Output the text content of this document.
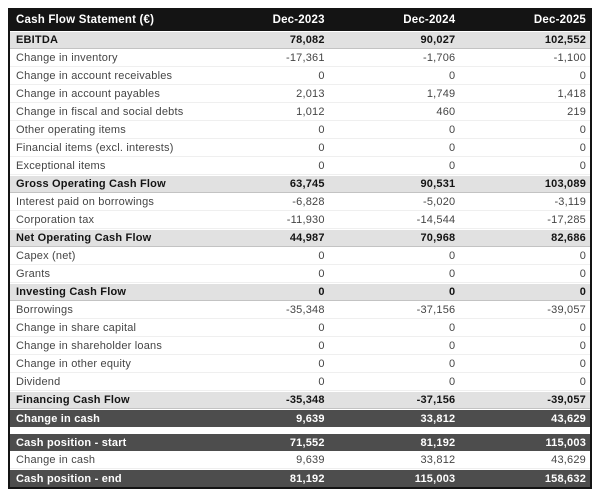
Cash Flow Statement (€)	Dec-2023	Dec-2024	Dec-2025
EBITDA	78,082	90,027	102,552
Change in inventory	-17,361	-1,706	-1,100
Change in account receivables	0	0	0
Change in account payables	2,013	1,749	1,418
Change in fiscal and social debts	1,012	460	219
Other operating items	0	0	0
Financial items (excl. interests)	0	0	0
Exceptional items	0	0	0
Gross Operating Cash Flow	63,745	90,531	103,089
Interest paid on borrowings	-6,828	-5,020	-3,119
Corporation tax	-11,930	-14,544	-17,285
Net Operating Cash Flow	44,987	70,968	82,686
Capex (net)	0	0	0
Grants	0	0	0
Investing Cash Flow	0	0	0
Borrowings	-35,348	-37,156	-39,057
Change in share capital	0	0	0
Change in shareholder loans	0	0	0
Change in other equity	0	0	0
Dividend	0	0	0
Financing Cash Flow	-35,348	-37,156	-39,057
Change in cash	9,639	33,812	43,629
Cash position - start	71,552	81,192	115,003
Change in cash	9,639	33,812	43,629
Cash position - end	81,192	115,003	158,632
